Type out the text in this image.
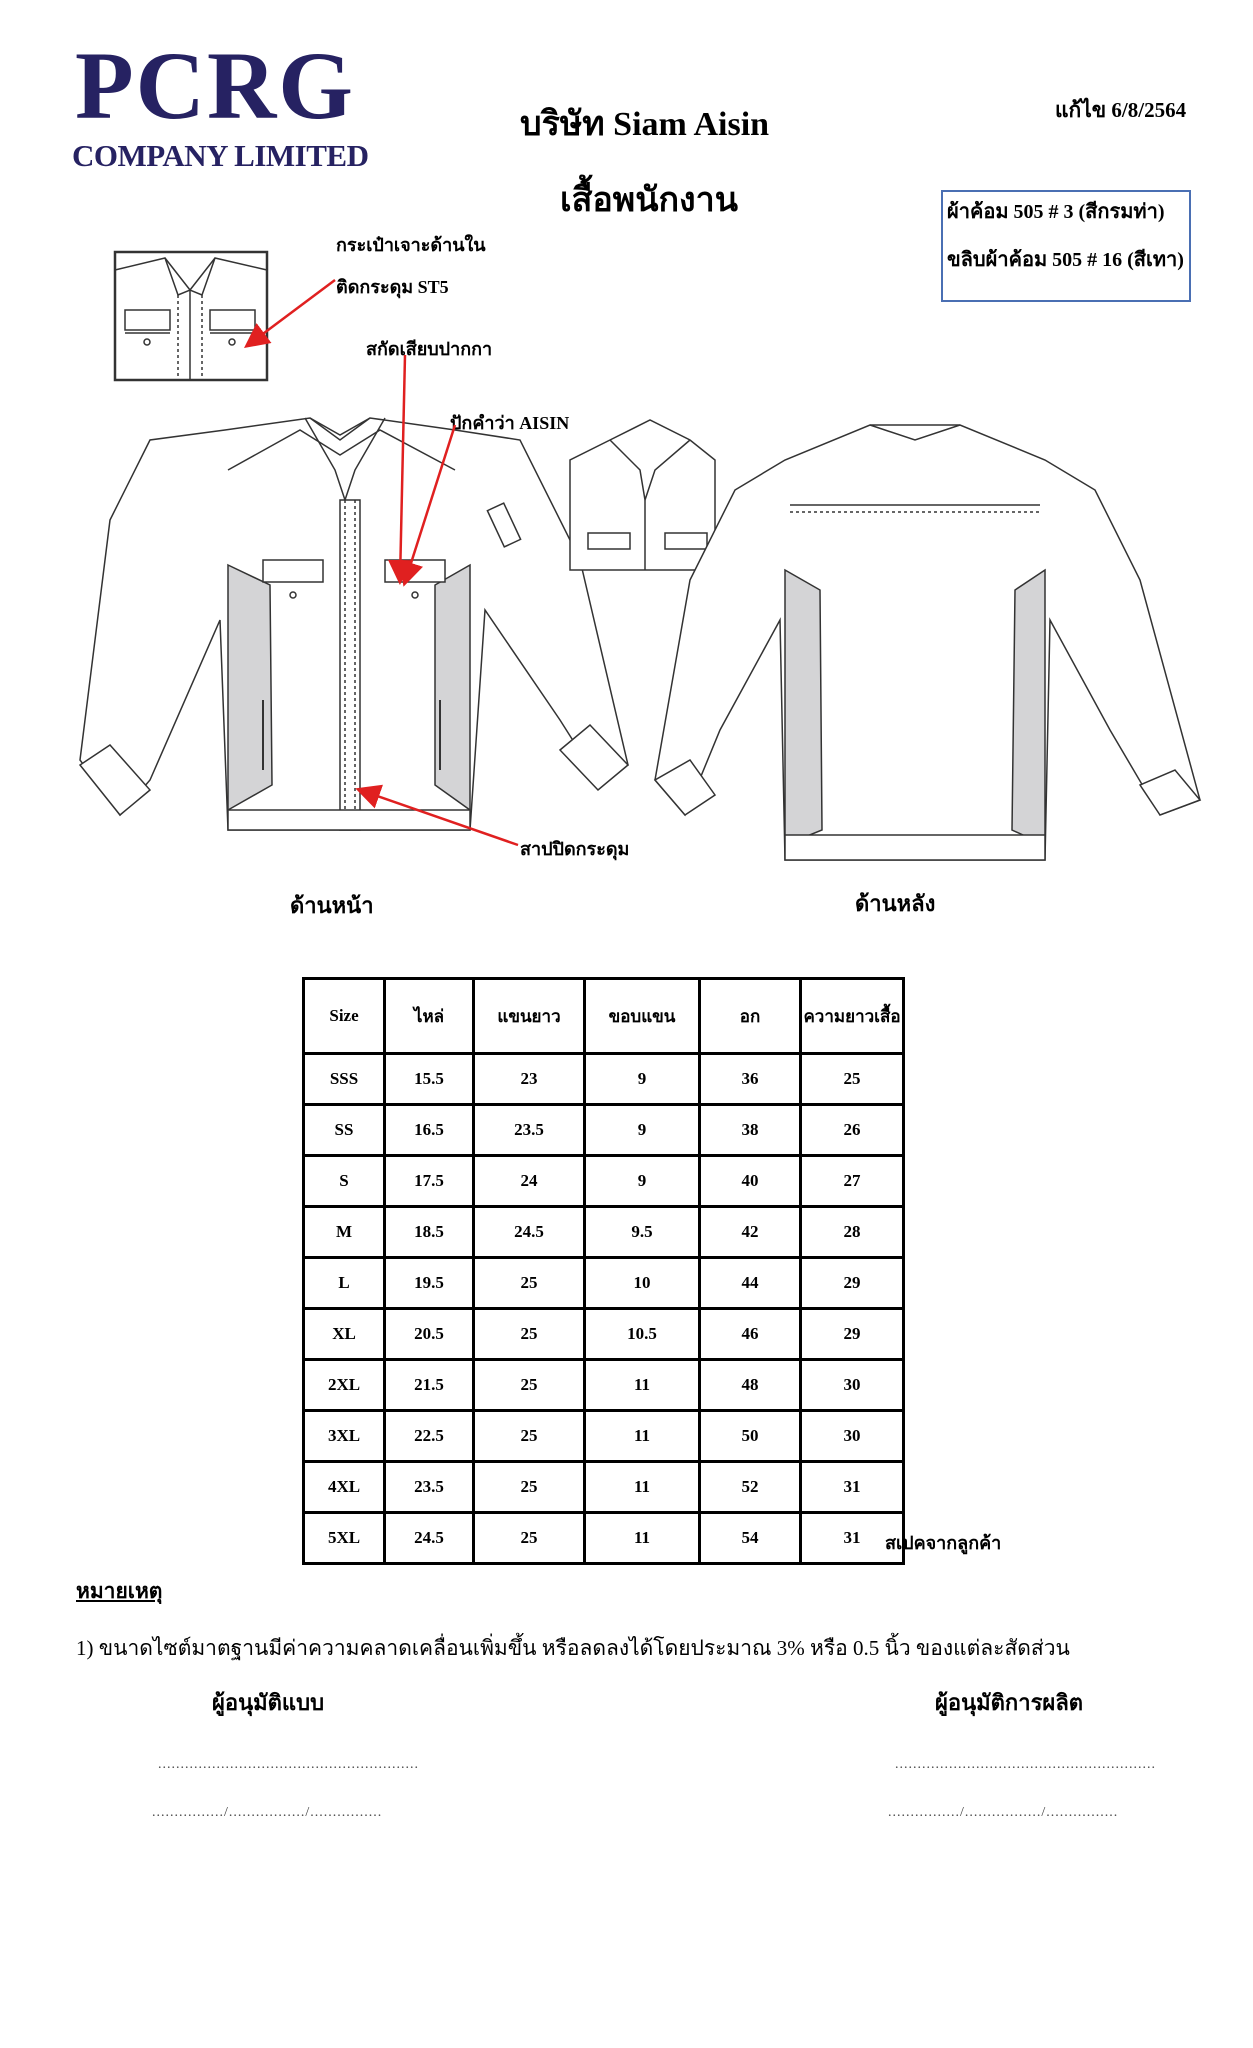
PCRG
COMPANY LIMITED
บริษัท Siam Aisin
เสื้อพนักงาน
แก้ไข 6/8/2564
ผ้าค้อม 505 # 3 (สีกรมท่า)
ขลิบผ้าค้อม 505 # 16 (สีเทา)
กระเป๋าเจาะด้านใน
ติดกระดุม ST5
สกัดเสียบปากกา
ปักคำว่า AISIN
สาปปิดกระดุม
ด้านหน้า	ด้านหลัง
Size	ไหล่	แขนยาว	ขอบแขน	อก	ความยาวเสื้อ
SSS	15.5	23	9	36	25
SS	16.5	23.5	9	38	26
S	17.5	24	9	40	27
M	18.5	24.5	9.5	42	28
L	19.5	25	10	44	29
XL	20.5	25	10.5	46	29
2XL	21.5	25	11	48	30
3XL	22.5	25	11	50	30
4XL	23.5	25	11	52	31
5XL	24.5	25	11	54	31 สเปคจากลูกค้า
หมายเหตุ
1) ขนาดไซต์มาตฐานมีค่าความคลาดเคลื่อนเพิ่มขึ้น หรือลดลงได้โดยประมาณ 3% หรือ 0.5 นิ้ว ของแต่ละสัดส่วน
ผู้อนุมัติแบบ	ผู้อนุมัติการผลิต
..........................................................	..........................................................
................/................./................	................/................./................
